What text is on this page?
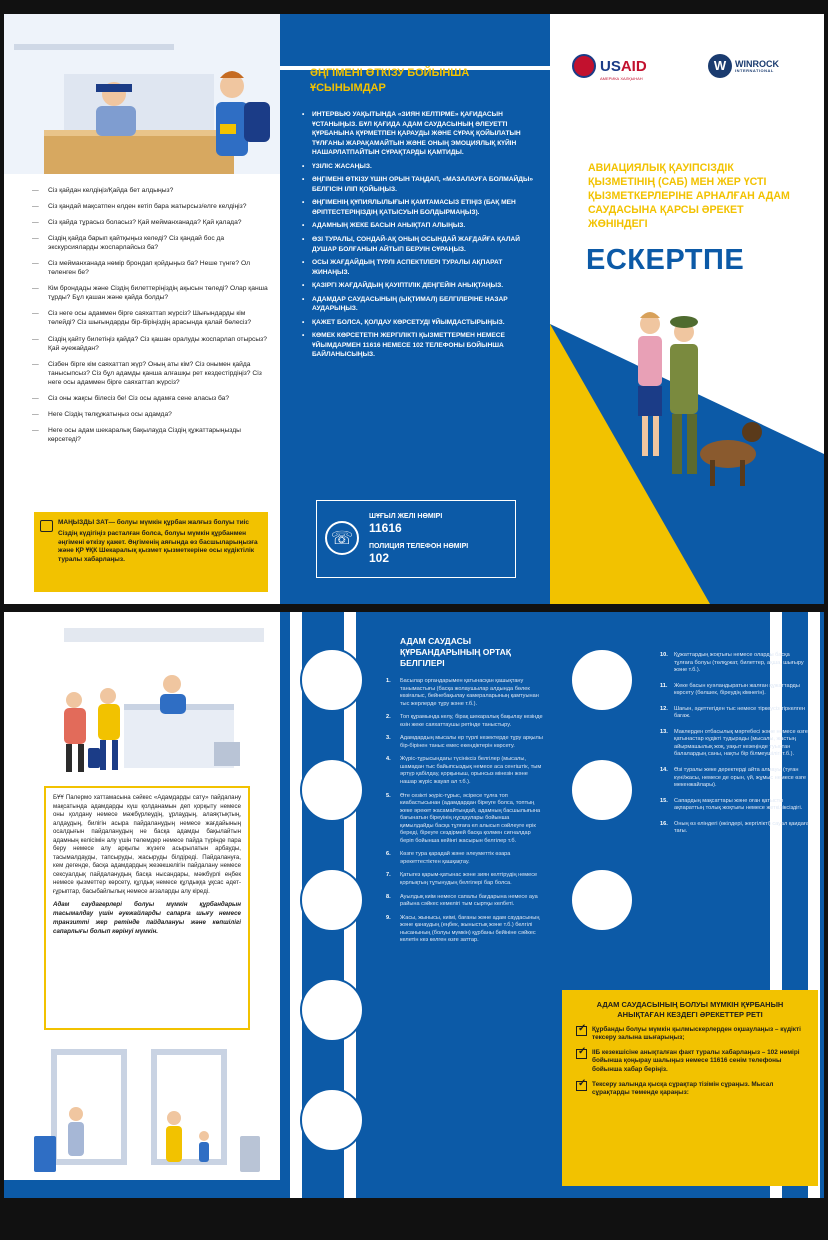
— Сіз қайдан келдіңіз/Қайда бет алдыңыз?
— Сіз қандай мақсатпен елден кетіп бара жатырсыз/елге келдіңіз?
— Сіз қайда тұрасыз боласыз? Қай мейманханада? Қай қалада?
— Сіздің қайда барып қайтқыңыз келеді? Сіз қандай бос да экскурсияларды жоспарлайсыз ба?
— Сіз мейманханада нөмір брондап қойдыңыз ба? Неше түнге? Ол төленген бе?
— Кім брондады және Сіздің билеттеріңіздің ақысын төледі? Олар қанша тұрды? Бұл қашан және қайда болды?
— Сіз неге осы адаммен бірге саяхаттап жүрсіз? Шығындарды кім төлейді? Сіз шығындарды бір-біріңіздің арасында қалай бөлесіз?
— Сіздің қайту билетіңіз қайда? Сіз қашан оралуды жоспарлап отырсыз? Қай әуежайдан?
— Сізбен бірге кім саяхаттап жүр? Оның аты кім? Сіз онымен қайда танысыпсыз? Сіз бұл адамды қанша алғашқы рет кездестірдіңіз? Сіз неге осы адаммен бірге саяхаттап жүрсіз?
— Сіз оны жақсы білесіз бе! Сіз осы адамға сене аласыз ба?
— Неге Сіздің төлқұжатыңыз осы адамда?
— Неге осы адам шекаралық бақылауда Сіздің құжаттарыңызды көрсетеді?

МАҢЫЗДЫ ЗАТ— болуы мүмкін құрбан жалғыз болуы тиіс

Сіздің күдігіңіз расталған болса, болуы мүмкін құрбанмен әңгімені өткізу қажет. Әңгіменің аяғында өз басшыларыңызға және ҚР ҰҚК Шекаралық қызмет қызметкеріне осы күдіктілік туралы хабарлаңыз.

ӘҢГІМЕНІ ӨТКІЗУ БОЙЫНША ҰСЫНЫМДАР
• ИНТЕРВЬЮ УАҚЫТЫНДА «ЗИЯН КЕЛТІРМЕ» ҚАҒИДАСЫН ҰСТАНЫҢЫЗ. БҰЛ ҚАҒИДА АДАМ САУДАСЫНЫҢ ӘЛЕУЕТТІ ҚҰРБАНЫНА ҚҰРМЕТПЕН ҚАРАУДЫ ЖӘНЕ СҰРАҚ ҚОЙЫЛАТЫН ТҰЛҒАНЫ ЖАРАҚАМАЙТЫН ЖӘНЕ ОНЫҢ ЭМОЦИЯЛЫҚ КҮЙІН НАШАРЛАТПАЙТЫН СҰРАҚТАРДЫ ҚАМТИДЫ.
• ҮЗІЛІС ЖАСАҢЫЗ.
• ӘҢГІМЕНІ ӨТКІЗУ ҮШІН ОРЫН ТАҢДАП, «МАЗАЛАУҒА БОЛМАЙДЫ» БЕЛГІСІН ІЛІП ҚОЙЫҢЫЗ.
• ӘҢГІМЕНІҢ ҚҰПИЯЛЫЛЫҒЫН ҚАМТАМАСЫЗ ЕТІҢІЗ (БАҚ МЕН ӘРІПТЕСТЕРІҢІЗДІҢ ҚАТЫСУЫН БОЛДЫРМАҢЫЗ).
• АДАМНЫҢ ЖЕКЕ БАСЫН АНЫҚТАП АЛЫҢЫЗ.
• ӨЗІ ТУРАЛЫ, СОНДАЙ-АҚ ОНЫҢ ОСЫНДАЙ ЖАҒДАЙҒА ҚАЛАЙ ДУШАР БОЛҒАНЫН АЙТЫП БЕРУІН СҰРАҢЫЗ.
• ОСЫ ЖАҒДАЙДЫҢ ТҮРЛІ АСПЕКТІЛЕРІ ТУРАЛЫ АҚПАРАТ ЖИНАҢЫЗ.
• ҚАЗІРГІ ЖАҒДАЙДЫҢ ҚАУІПТІЛІК ДЕҢГЕЙІН АНЫҚТАҢЫЗ.
• АДАМДАР САУДАСЫНЫҢ (ЫҚТИМАЛ) БЕЛГІЛЕРІНЕ НАЗАР АУДАРЫҢЫЗ.
• ҚАЖЕТ БОЛСА, ҚОЛДАУ КӨРСЕТУДІ ҰЙЫМДАСТЫРЫҢЫЗ.
• КӨМЕК КӨРСЕТЕТІН ЖЕРГІЛІКТІ ҚЫЗМЕТТЕРМЕН НЕМЕСЕ ҰЙЫМДАРМЕН 11616 НЕМЕСЕ 102 ТЕЛЕФОНЫ БОЙЫНША БАЙЛАНЫСЫҢЫЗ.
☏
ШҰҒЫЛ ЖЕЛІ НӨМІРІ
11616
ПОЛИЦИЯ ТЕЛЕФОН НӨМІРІ
102
USAID
АМЕРИКА ХАЛҚЫНАН
W WINROCK
INTERNATIONAL
АВИАЦИЯЛЫҚ ҚАУІПСІЗДІК ҚЫЗМЕТІНІҢ (САБ) МЕН ЖЕР ҮСТІ ҚЫЗМЕТКЕРЛЕРІНЕ АРНАЛҒАН АДАМ САУДАСЫНА ҚАРСЫ ӘРЕКЕТ ЖӨНІНДЕГІ
ЕСКЕРТПЕ

БҰҰ Палермо хаттамасына сәйкес «Адамдарды сату» пайдалану мақсатында адамдарды күш қолданамын деп қорқыту немесе оны қолдану немесе мәжбүрлеудің, ұрлаудың, алаяқтықтың, алдаудың, билігін асыра пайдаланудың немесе жағдайының осалдығын пайдаланудың не басқа адамды бақылайтын адамның келісімін алу үшін төлемдер немесе пайда түрінде пара беру немесе алу арқылы жүзеге асырылатын арбауды, тасымалдауды, тапсыруды, жасыруды білдіреді. Пайдалануға, кем дегенде, басқа адамдардың жезөкшелігін пайдалану немесе сексуалдық пайдаланудың басқа нысандары, мәжбүрлі еңбек немесе қызметтер көрсету, құлдық немесе құлдыққа ұқсас әдет-ғұрыптар, басыбайлылық немесе ағзаларды алу кіреді.

Адам саудагерлері болуы мүмкін құрбандарын тасымалдау үшін әуежайларды сапарға шығу немесе транзитті жер ретінде пайдалануы және көпшілігі сапарлығы болып көрінуі мүмкін.

АДАМ САУДАСЫ ҚҰРБАНДАРЫНЫҢ ОРТАҚ БЕЛГІЛЕРІ
1. Басылар органдарымен қатынасқан қашықтану танымастығы (басқа жолаушылар алдында бөлек көзіғалыс, бейнебақылау камераларының қамтуынан тыс жерлерде тұру және т.б.).
2. Топ құрамында келу, бірақ шекаралық бақылау кезінде өзін жеке саяхаттаушы ретінде таныстыру.
3. Адамдардың мысалы ер түрлі кезектерде тұру арқылы бір-бірінен таныс емес екендіктерін көрсету.
4. Жүріс-тұрысындағы түсініксіз белгілер (мысалы, шамадан тыс байыпсыздық немесе аса сенгіштік, тым әртүр қабілдау, қорқыныш, орынсыз мінезін және нашар жүріс жауап ал т.б.).
5. Өте сезікті жүріс-тұрыс, әсіресе тұлға топ киабастысынан (адамдардан біреуге болса, топтың жеке әрекет жасамайтындай, адамның басшылығына бағынатын біреуінің нұсқаулары бойынша қимылдайды басқа тұлғаға ел алысып сөйлеуге ерік береді, біреуге сездірмей басқа қолмен сигналдар беріп бойынша кейінгі жасырын белгілер т.б.
6. Көзге тура қарадай және әлеуметтік өзара әрекеттестіктен қашқақтау.
7. Қатыгез қарым-қатынас және зиян келтірудің немесе қорлықтың тұтынудың белгілері бар болса.
8. Ауылдық киім немесе сапалы бағдарына немесе ауа райына сәйкес кемелігі тым сыртқы келбеті.
9. Жасы, жынысы, киімі, бағаны және адам саудасының және қанаудың (еңбек, жыныстық және т.б.) белгілі нысанының (болуы мүмкін) құрбаны бейініне сәйкес келетін кез келген өзге заттар.
10. Құжаттардың жоқтығы немесе оларды басқа тұлғаға болуы (төлқұжат, билеттер, ақша, шығыру және т.б.).
11. Жеке басын куәландыратын жалған құжаттарды көрсету (бөлшек, біреудің кімнегін).
12. Шағын, әдеттегіден тыс немесе тіркеусіз тіркелген багаж.
13. Маклерден отбасылық мәртебесі және немесе өзге қатынастар күдікті тудырады (мысалы, жастың айырмашылық жоқ, уақыт кезеңінде туыстан балалардың саны, нақты бір білмеушілігі т.б.).
14. Өзі туралы жеке деректерді айта алмауы (туған күні/жасы, немесе де орын, үй, жұмыс немесе өзге мекенжайлары).
15. Сапардың мақсаттары және оған қатысты ақпараттың толық жоқтығы немесе жеткіліксіздігі.
16. Оның өз еліндегі (өкілдері, жергілікті) сауал қаидаға тағы.
АДАМ САУДАСЫНЫҢ БОЛУЫ МҮМКІН ҚҰРБАНЫН АНЫҚТАҒАН КЕЗДЕГІ ӘРЕКЕТТЕР РЕТІ
✓
Құрбанды болуы мүмкін қылмыскерлерден оқшаулаңыз – күдікті тексеру залына шығарыңыз;
✓
ІІБ кезекшісіне анықталған факт туралы хабарлаңыз – 102 нөмірі бойынша қоңырау шалыңыз немесе 11616 сенім телефоны бойынша хабар беріңіз.
✓
Тексеру залында қысқа сұрақтар тізімін сұраңыз. Мысал сұрақтарды төменде қараңыз:
